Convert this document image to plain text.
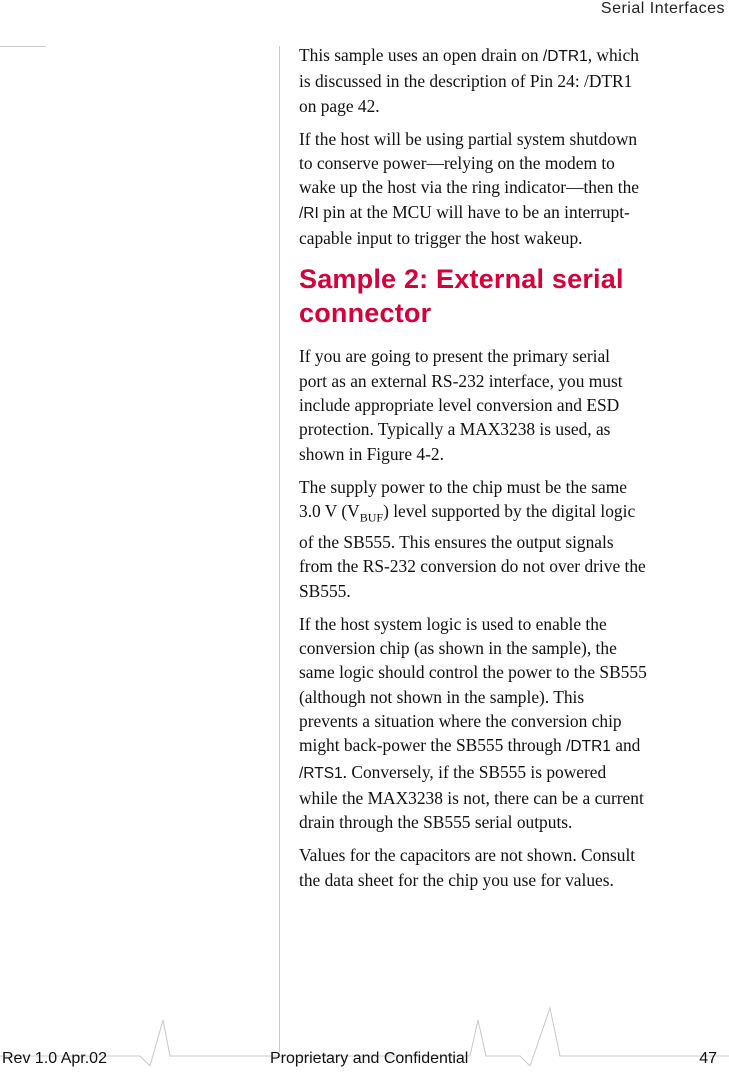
Serial Interfaces

This sample uses an open drain on /DTR1, which
is discussed in the description of Pin 24: /DTR1
on page 42.

If the host will be using partial system shutdown
to conserve power—relying on the modem to
wake up the host via the ring indicator—then the
/RI pin at the MCU will have to be an interrupt-
capable input to trigger the host wakeup.

Sample 2: External serial
connector

If you are going to present the primary serial
port as an external RS-232 interface, you must
include appropriate level conversion and ESD
protection. Typically a MAX3238 is used, as
shown in Figure 4-2.

The supply power to the chip must be the same
3.0 V $(V_{BUF})$ level supported by the digital logic
of the SB555. This ensures the output signals
from the RS-232 conversion do not over drive the
SB555.

If the host system logic is used to enable the
conversion chip (as shown in the sample), the
same logic should control the power to the SB555
(although not shown in the sample). This
prevents a situation where the conversion chip
might back-power the SB555 through /DTR1 and
/RTS1. Conversely, if the SB555 is powered
while the MAX3238 is not, there can be a current
drain through the SB555 serial outputs.

Values for the capacitors are not shown. Consult
the data sheet for the chip you use for values.

Rev 1.0 Apr.02	Proprietary and Confidential	47
